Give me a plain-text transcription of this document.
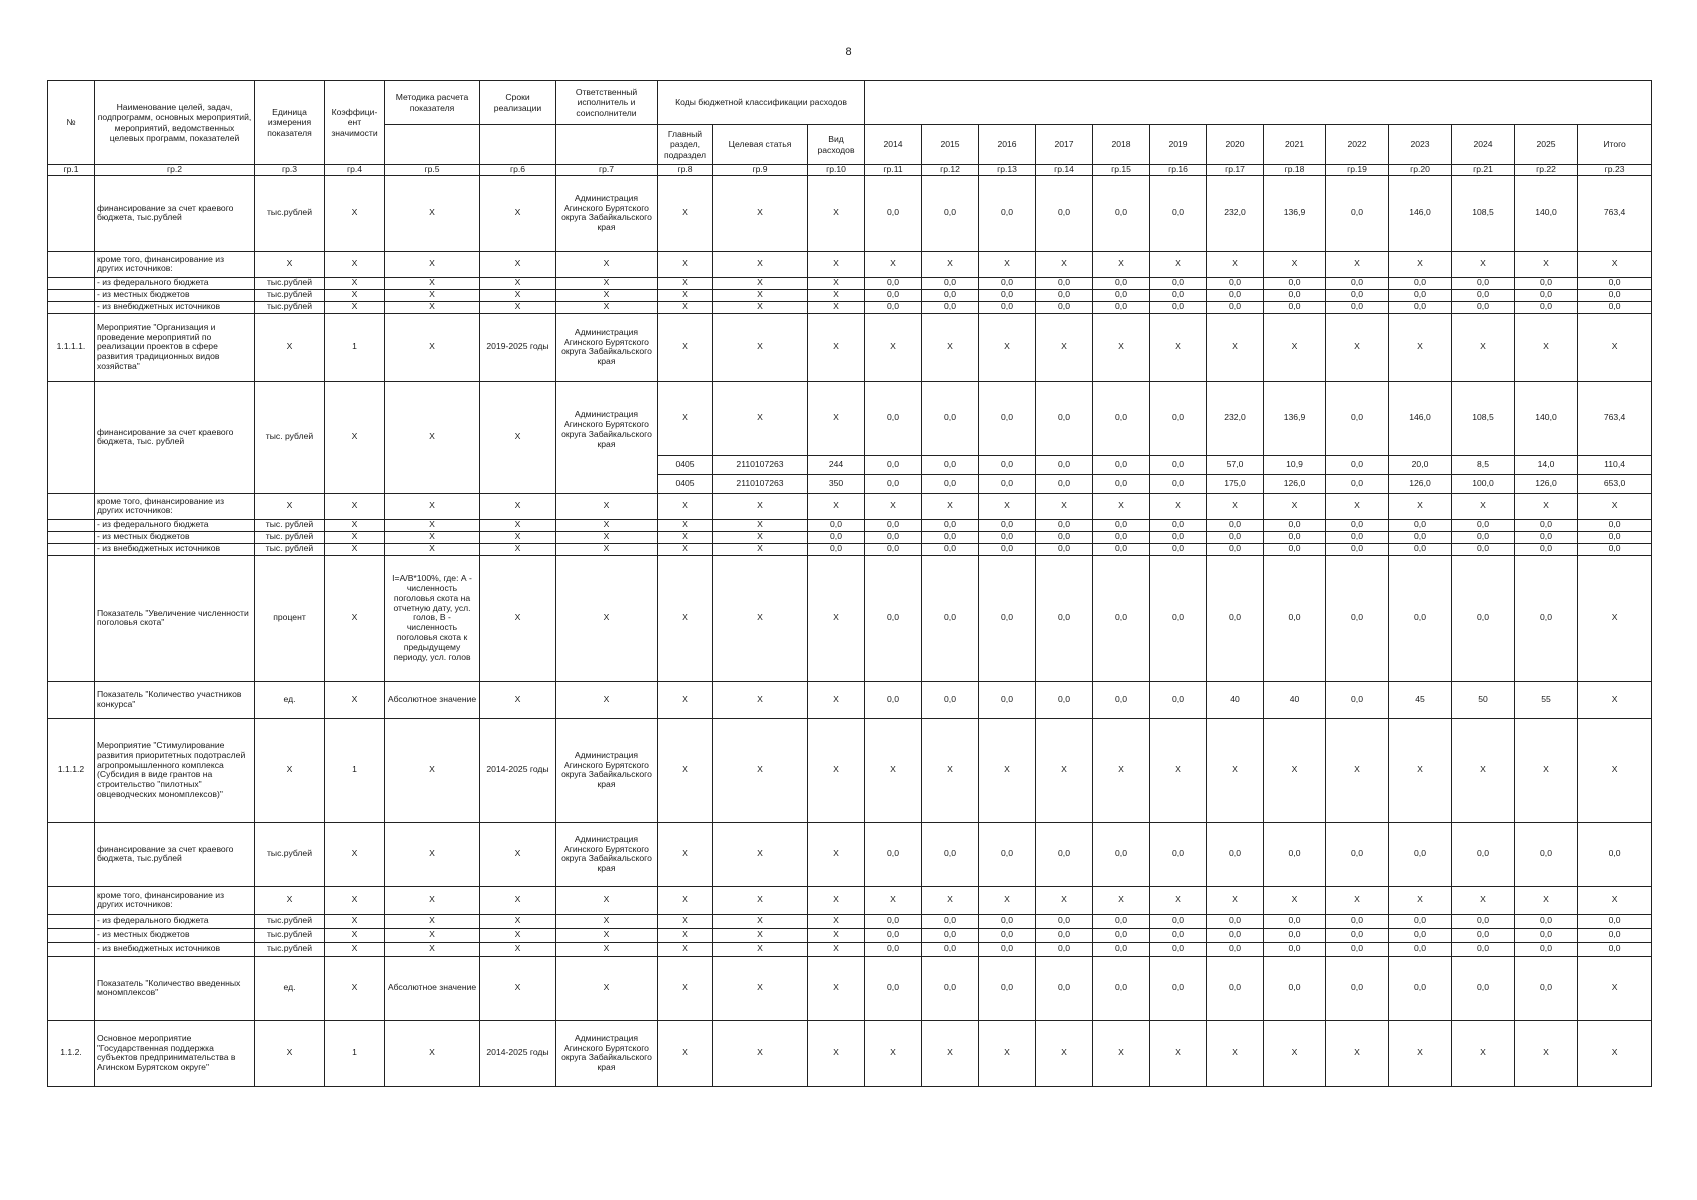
8
№	Наименование целей, задач, подпрограмм, основных мероприятий, мероприятий, ведомственных целевых программ, показателей	Единица измерения показателя	Коэффици-ент значимости	Методика расчета показателя	Сроки реализации	Ответственный исполнитель и соисполнители	Коды бюджетной классификации расходов															
							Главный раздел, подраздел	Целевая статья	Вид расходов	2014	2015	2016	2017	2018	2019	2020	2021	2022	2023	2024	2025	Итого
гр.1	гр.2	гр.3	гр.4	гр.5	гр.6	гр.7	гр.8	гр.9	гр.10	гр.11	гр.12	гр.13	гр.14	гр.15	гр.16	гр.17	гр.18	гр.19	гр.20	гр.21	гр.22	гр.23
	финансирование за счет краевого бюджета, тыс.рублей	тыс.рублей	X	X	X	Администрация Агинского Бурятского округа Забайкальского края	X	X	X	0,0	0,0	0,0	0,0	0,0	0,0	232,0	136,9	0,0	146,0	108,5	140,0	763,4
	кроме того, финансирование из других источников:	X	X	X	X	X	X	X	X	X	X	X	X	X	X	X	X	X	X	X	X	X
	- из федерального бюджета	тыс.рублей	X	X	X	X	X	X	X	0,0	0,0	0,0	0,0	0,0	0,0	0,0	0,0	0,0	0,0	0,0	0,0	0,0
	- из местных бюджетов	тыс.рублей	X	X	X	X	X	X	X	0,0	0,0	0,0	0,0	0,0	0,0	0,0	0,0	0,0	0,0	0,0	0,0	0,0
	- из внебюджетных источников	тыс.рублей	X	X	X	X	X	X	X	0,0	0,0	0,0	0,0	0,0	0,0	0,0	0,0	0,0	0,0	0,0	0,0	0,0
1.1.1.1.	Мероприятие "Организация и проведение мероприятий по реализации проектов в сфере развития традиционных видов хозяйства"	X	1	X	2019-2025 годы	Администрация Агинского Бурятского округа Забайкальского края	X	X	X	X	X	X	X	X	X	X	X	X	X	X	X	X
	финансирование за счет краевого бюджета, тыс. рублей	тыс. рублей	X	X	X	Администрация Агинского Бурятского округа Забайкальского края	X	X	X	0,0	0,0	0,0	0,0	0,0	0,0	232,0	136,9	0,0	146,0	108,5	140,0	763,4
							0405	2110107263	244	0,0	0,0	0,0	0,0	0,0	0,0	57,0	10,9	0,0	20,0	8,5	14,0	110,4
							0405	2110107263	350	0,0	0,0	0,0	0,0	0,0	0,0	175,0	126,0	0,0	126,0	100,0	126,0	653,0
	кроме того, финансирование из других источников:	X	X	X	X	X	X	X	X	X	X	X	X	X	X	X	X	X	X	X	X	X
	- из федерального бюджета	тыс. рублей	X	X	X	X	X	X	0,0	0,0	0,0	0,0	0,0	0,0	0,0	0,0	0,0	0,0	0,0	0,0	0,0	0,0
	- из местных бюджетов	тыс. рублей	X	X	X	X	X	X	0,0	0,0	0,0	0,0	0,0	0,0	0,0	0,0	0,0	0,0	0,0	0,0	0,0	0,0
	- из внебюджетных источников	тыс. рублей	X	X	X	X	X	X	0,0	0,0	0,0	0,0	0,0	0,0	0,0	0,0	0,0	0,0	0,0	0,0	0,0	0,0
	Показатель "Увеличение численности поголовья скота"	процент	X	I=A/B*100%, где: А - численность поголовья скота на отчетную дату, усл. голов, В - численность поголовья скота к предыдущему периоду, усл. голов	X	X	X	X	X	0,0	0,0	0,0	0,0	0,0	0,0	0,0	0,0	0,0	0,0	0,0	0,0	X
	Показатель "Количество участников конкурса"	ед.	X	Абсолютное значение	X	X	X	X	X	0,0	0,0	0,0	0,0	0,0	0,0	40	40	0,0	45	50	55	X
1.1.1.2	Мероприятие "Стимулирование развития приоритетных подотраслей агропромышленного комплекса (Субсидия в виде грантов на строительство "пилотных" овцеводческих мономплексов)"	X	1	X	2014-2025 годы	Администрация Агинского Бурятского округа Забайкальского края	X	X	X	X	X	X	X	X	X	X	X	X	X	X	X	X
	финансирование за счет краевого бюджета, тыс.рублей	тыс.рублей	X	X	X	Администрация Агинского Бурятского округа Забайкальского края	X	X	X	0,0	0,0	0,0	0,0	0,0	0,0	0,0	0,0	0,0	0,0	0,0	0,0	0,0
	кроме того, финансирование из других источников:	X	X	X	X	X	X	X	X	X	X	X	X	X	X	X	X	X	X	X	X	X
	- из федерального бюджета	тыс.рублей	X	X	X	X	X	X	X	0,0	0,0	0,0	0,0	0,0	0,0	0,0	0,0	0,0	0,0	0,0	0,0	0,0
	- из местных бюджетов	тыс.рублей	X	X	X	X	X	X	X	0,0	0,0	0,0	0,0	0,0	0,0	0,0	0,0	0,0	0,0	0,0	0,0	0,0
	- из внебюджетных источников	тыс.рублей	X	X	X	X	X	X	X	0,0	0,0	0,0	0,0	0,0	0,0	0,0	0,0	0,0	0,0	0,0	0,0	0,0
	Показатель "Количество введенных мономплексов"	ед.	X	Абсолютное значение	X	X	X	X	X	0,0	0,0	0,0	0,0	0,0	0,0	0,0	0,0	0,0	0,0	0,0	0,0	X
1.1.2.	Основное мероприятие "Государственная поддержка субъектов предпринимательства в Агинском Бурятском округе"	X	1	X	2014-2025 годы	Администрация Агинского Бурятского округа Забайкальского края	X	X	X	X	X	X	X	X	X	X	X	X	X	X	X	X
